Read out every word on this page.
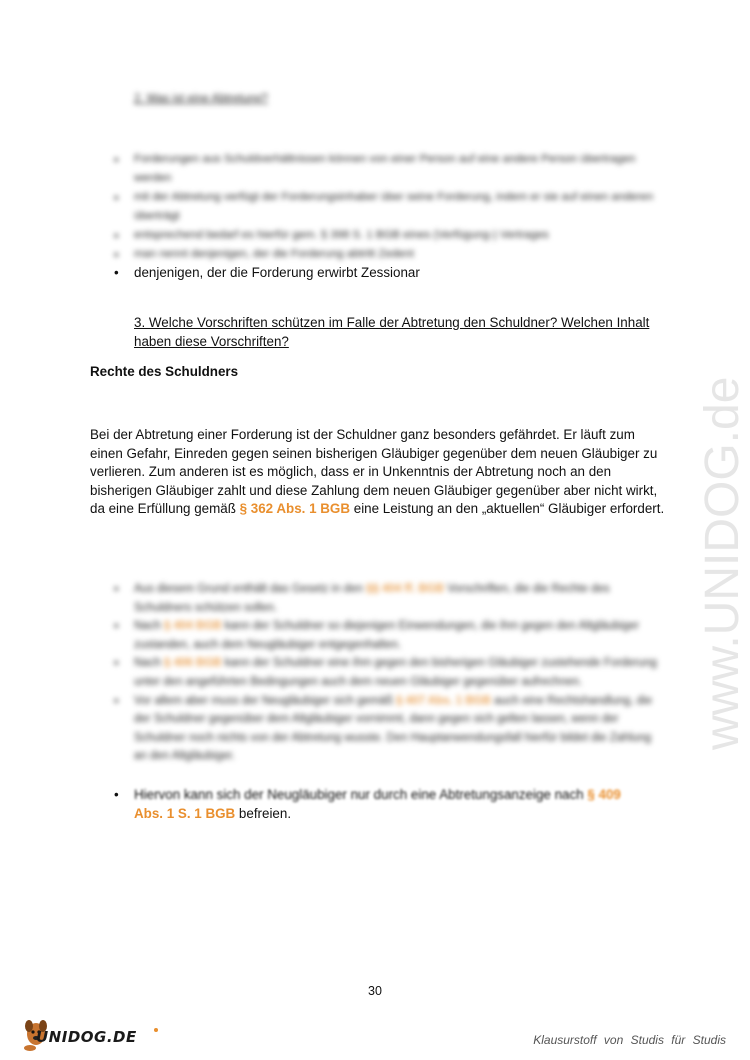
2. Was ist eine Abtretung?
• Forderungen aus Schuldverhältnissen können von einer Person auf eine andere Person übertragen werden
• mit der Abtretung verfügt der Forderungsinhaber über seine Forderung, indem er sie auf einen anderen überträgt
• entsprechend bedarf es hierfür gem. § 398 S. 1 BGB eines (Verfügung-) Vertrages
• man nennt denjenigen, der die Forderung abtritt Zedent
• denjenigen, der die Forderung erwirbt Zessionar
3. Welche Vorschriften schützen im Falle der Abtretung den Schuldner? Welchen Inhalt haben diese Vorschriften?
Rechte des Schuldners
Bei der Abtretung einer Forderung ist der Schuldner ganz besonders gefährdet. Er läuft zum einen Gefahr, Einreden gegen seinen bisherigen Gläubiger gegenüber dem neuen Gläubiger zu verlieren. Zum anderen ist es möglich, dass er in Unkenntnis der Abtretung noch an den bisherigen Gläubiger zahlt und diese Zahlung dem neuen Gläubiger gegenüber aber nicht wirkt, da eine Erfüllung gemäß § 362 Abs. 1 BGB eine Leistung an den „aktuellen“ Gläubiger erfordert.
• Aus diesem Grund enthält das Gesetz in den §§ 404 ff. BGB Vorschriften, die die Rechte des Schuldners schützen sollen.
• Nach § 404 BGB kann der Schuldner so diejenigen Einwendungen, die ihm gegen den Altgläubiger zustanden, auch dem Neugläubiger entgegenhalten.
• Nach § 406 BGB kann der Schuldner eine ihm gegen den bisherigen Gläubiger zustehende Forderung unter den angeführten Bedingungen auch dem neuen Gläubiger gegenüber aufrechnen.
• Vor allem aber muss der Neugläubiger sich gemäß § 407 Abs. 1 BGB auch eine Rechtshandlung, die der Schuldner gegenüber dem Altgläubiger vornimmt, dann gegen sich gelten lassen, wenn der Schuldner noch nichts von der Abtretung wusste. Den Hauptanwendungsfall hierfür bildet die Zahlung an den Altgläubiger.
• Hiervon kann sich der Neugläubiger nur durch eine Abtretungsanzeige nach § 409
Abs. 1 S. 1 BGB befreien.
www.UNIDOG.de
30
UNIDOG.DE	Klausurstoff von Studis für Studis
